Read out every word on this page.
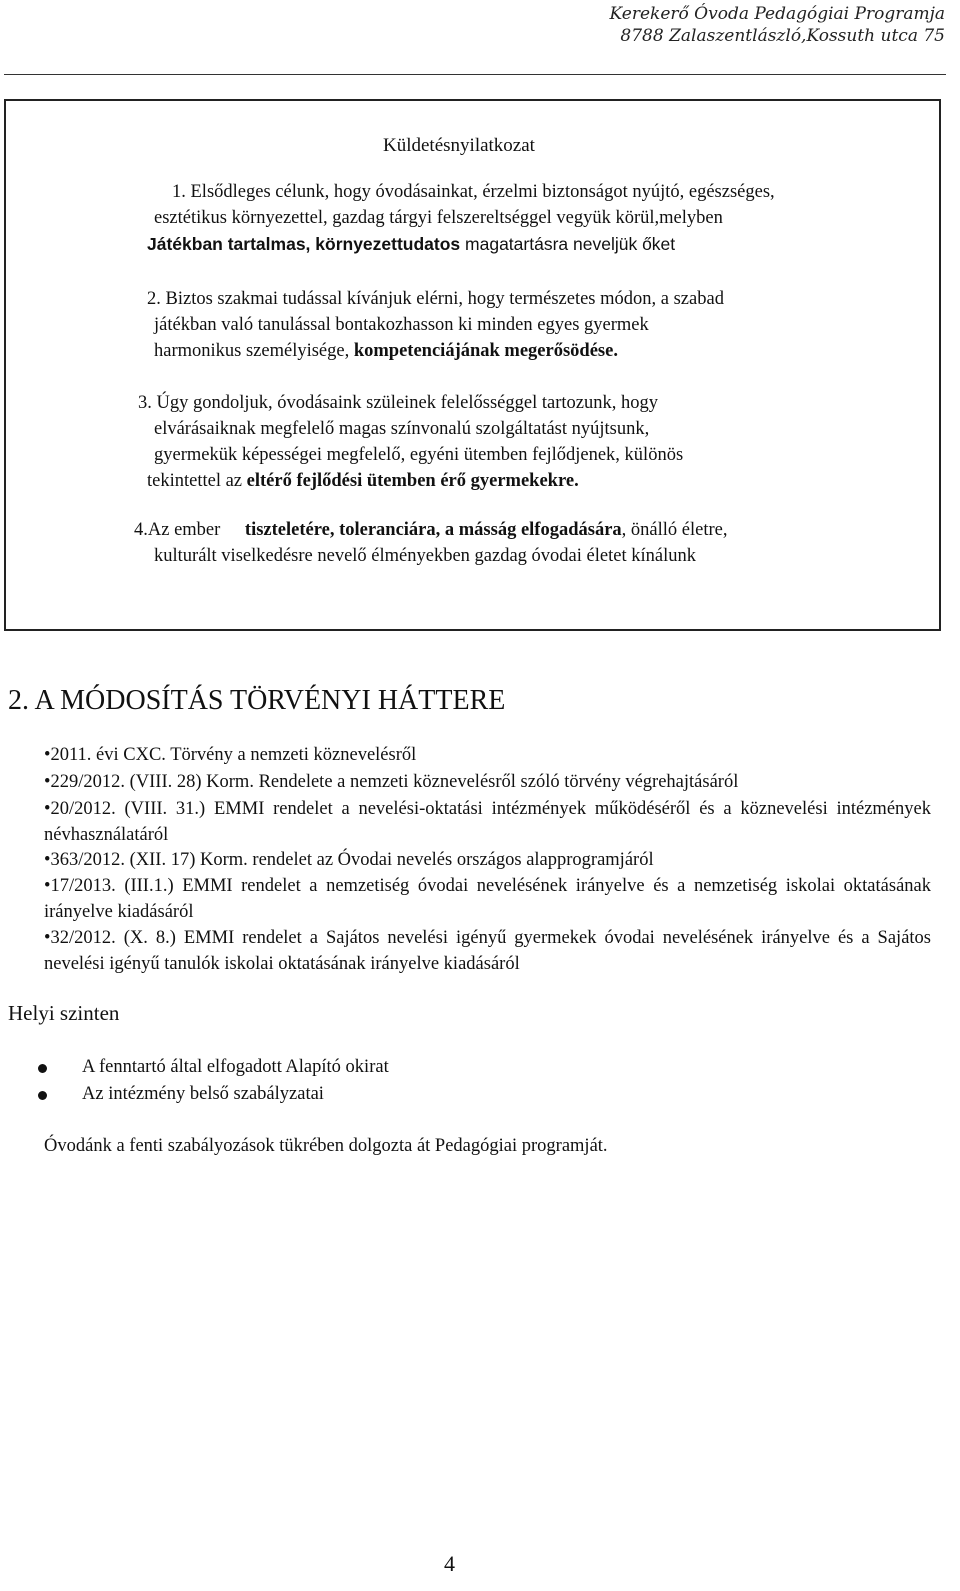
Kerekerő Óvoda Pedagógiai Programja
8788 Zalaszentlászló,Kossuth utca 75
Küldetésnyilatkozat
1. Elsődleges célunk, hogy óvodásainkat, érzelmi biztonságot nyújtó, egészséges,
esztétikus környezettel, gazdag tárgyi felszereltséggel vegyük körül,melyben
Játékban tartalmas, környezettudatos magatartásra neveljük őket
2. Biztos szakmai tudással kívánjuk elérni, hogy természetes módon, a szabad
játékban való tanulással bontakozhasson ki minden egyes gyermek
harmonikus személyisége, kompetenciájának megerősödése.
3. Úgy gondoljuk, óvodásaink szüleinek felelősséggel tartozunk, hogy
elvárásaiknak megfelelő magas színvonalú szolgáltatást nyújtsunk,
gyermekük képességei megfelelő, egyéni ütemben fejlődjenek, különös
tekintettel az eltérő fejlődési ütemben érő gyermekekre.
4.Az ember tiszteletére, toleranciára, a másság elfogadására, önálló életre,
kulturált viselkedésre nevelő élményekben gazdag óvodai életet kínálunk
2. A MÓDOSÍTÁS TÖRVÉNYI HÁTTERE
•2011. évi CXC. Törvény a nemzeti köznevelésről
•229/2012. (VIII. 28) Korm. Rendelete a nemzeti köznevelésről szóló törvény végrehajtásáról
•20/2012. (VIII. 31.) EMMI rendelet a nevelési-oktatási intézmények működéséről és a köznevelési intézmények névhasználatáról
•363/2012. (XII. 17) Korm. rendelet az Óvodai nevelés országos alapprogramjáról
•17/2013. (III.1.) EMMI rendelet a nemzetiség óvodai nevelésének irányelve és a nemzetiség iskolai oktatásának irányelve kiadásáról
•32/2012. (X. 8.) EMMI rendelet a Sajátos nevelési igényű gyermekek óvodai nevelésének irányelve és a Sajátos nevelési igényű tanulók iskolai oktatásának irányelve kiadásáról
Helyi szinten
A fenntartó által elfogadott Alapító okirat
Az intézmény belső szabályzatai
Óvodánk a fenti szabályozások tükrében dolgozta át Pedagógiai programját.
4
